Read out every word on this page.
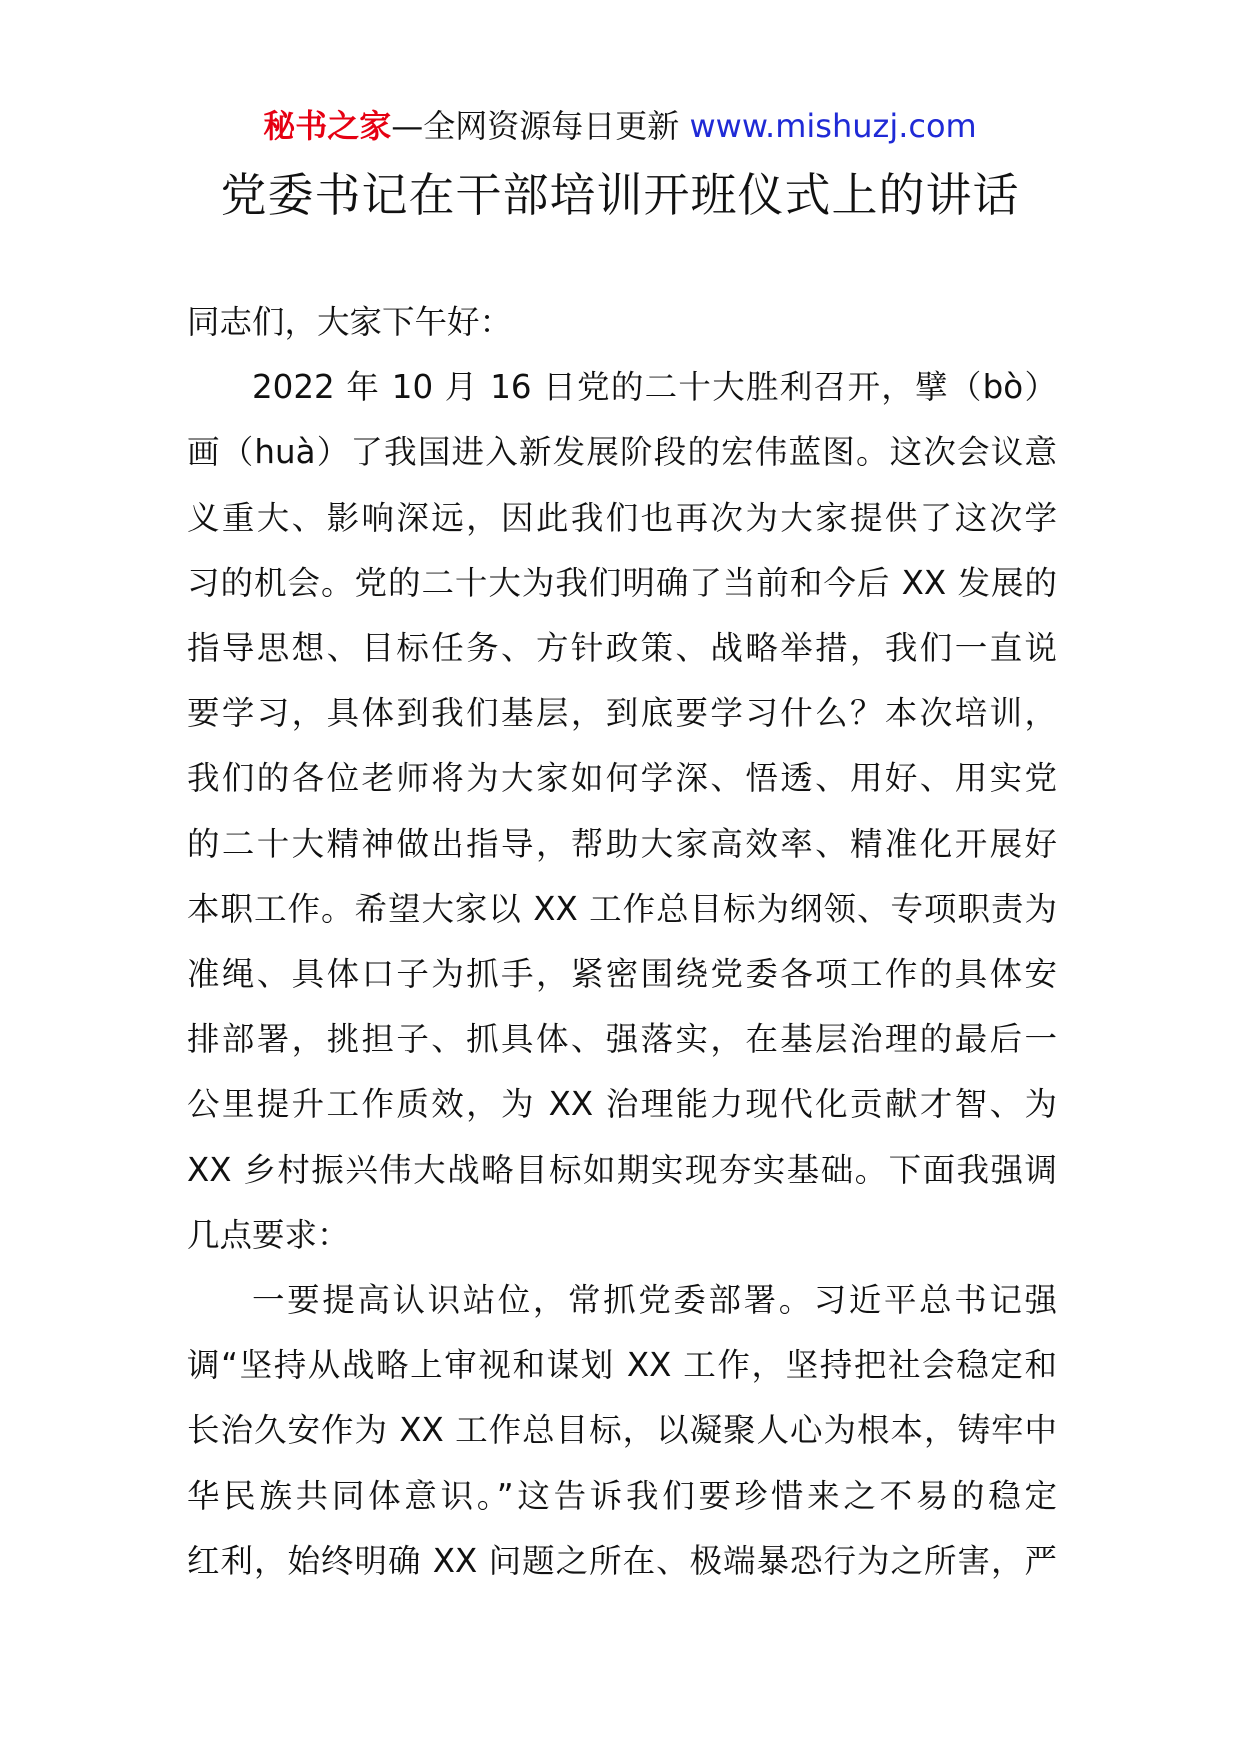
秘书之家—全网资源每日更新 www.mishuzj.com
党委书记在干部培训开班仪式上的讲话

同志们，大家下午好：

2022 年 10 月 16 日党的二十大胜利召开，擘（bò）
画（huà）了我国进入新发展阶段的宏伟蓝图。这次会议意
义重大、影响深远，因此我们也再次为大家提供了这次学
习的机会。党的二十大为我们明确了当前和今后 XX 发展的
指导思想、目标任务、方针政策、战略举措，我们一直说
要学习，具体到我们基层，到底要学习什么？本次培训，
我们的各位老师将为大家如何学深、悟透、用好、用实党
的二十大精神做出指导，帮助大家高效率、精准化开展好
本职工作。希望大家以 XX 工作总目标为纲领、专项职责为
准绳、具体口子为抓手，紧密围绕党委各项工作的具体安
排部署，挑担子、抓具体、强落实，在基层治理的最后一
公里提升工作质效，为 XX 治理能力现代化贡献才智、为
XX 乡村振兴伟大战略目标如期实现夯实基础。下面我强调
几点要求：

一要提高认识站位，常抓党委部署。习近平总书记强
调“坚持从战略上审视和谋划 XX 工作，坚持把社会稳定和
长治久安作为 XX 工作总目标，以凝聚人心为根本，铸牢中
华民族共同体意识。”这告诉我们要珍惜来之不易的稳定
红利，始终明确 XX 问题之所在、极端暴恐行为之所害，严
